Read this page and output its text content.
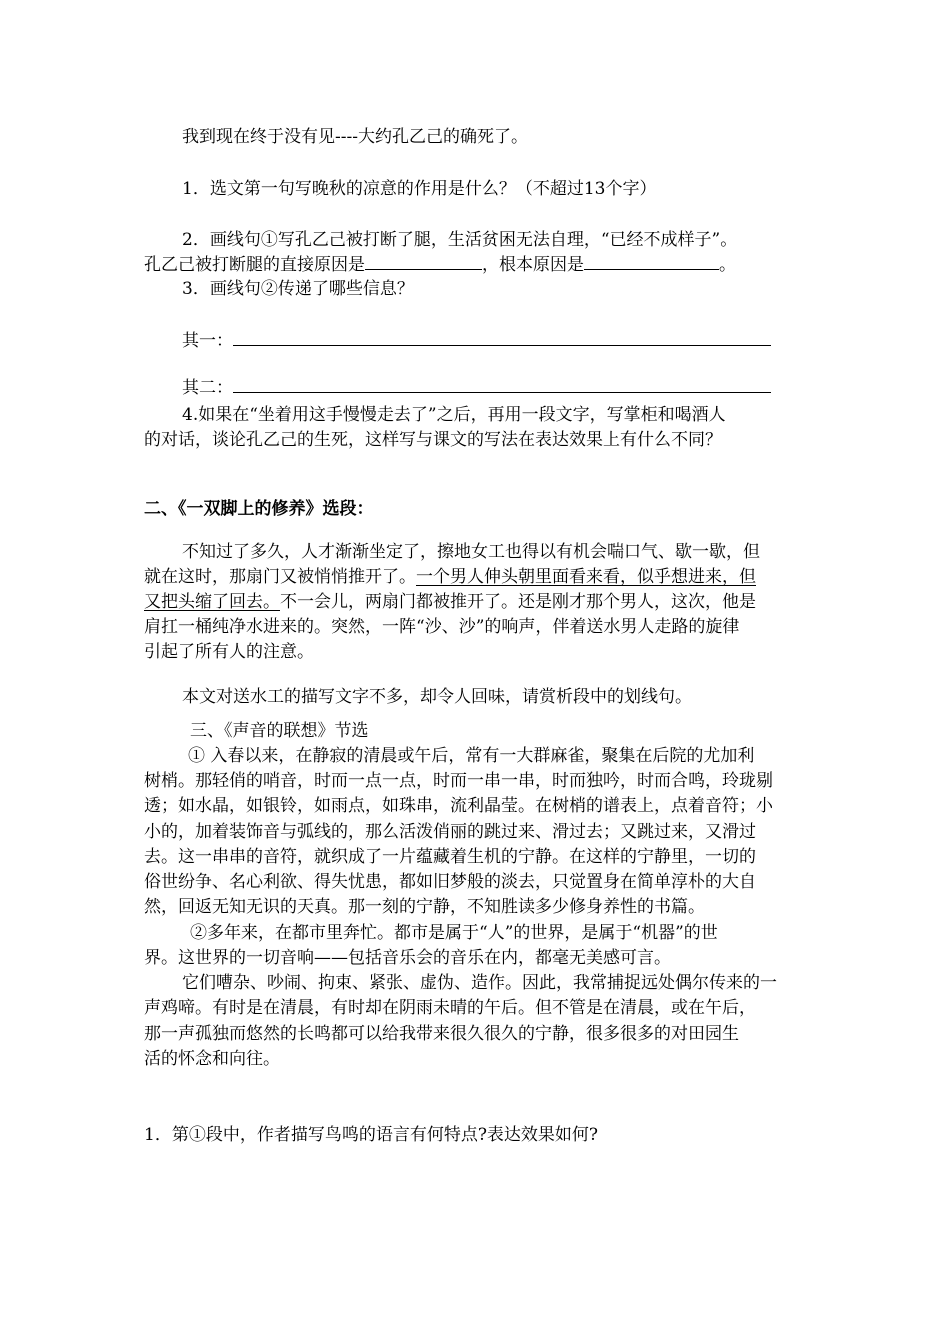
我到现在终于没有见----大约孔乙己的确死了。
1．选文第一句写晚秋的凉意的作用是什么？（不超过13个字）
2．画线句①写孔乙己被打断了腿，生活贫困无法自理，“已经不成样子”。
孔乙己被打断腿的直接原因是	，根本原因是	。
3．画线句②传递了哪些信息？
其一：
其二：
4.如果在“坐着用这手慢慢走去了”之后，再用一段文字，写掌柜和喝酒人
的对话，谈论孔乙己的生死，这样写与课文的写法在表达效果上有什么不同？
二、《一双脚上的修养》选段：
不知过了多久，人才渐渐坐定了，擦地女工也得以有机会喘口气、歇一歇，但
就在这时，那扇门又被悄悄推开了。一个男人伸头朝里面看来看，似乎想进来，但
又把头缩了回去。不一会儿，两扇门都被推开了。还是刚才那个男人，这次，他是
肩扛一桶纯净水进来的。突然，一阵“沙、沙”的响声，伴着送水男人走路的旋律
引起了所有人的注意。
本文对送水工的描写文字不多，却令人回味，请赏析段中的划线句。
三、《声音的联想》节选
① 入春以来，在静寂的清晨或午后，常有一大群麻雀，聚集在后院的尤加利
树梢。那轻俏的哨音，时而一点一点，时而一串一串，时而独吟，时而合鸣，玲珑剔
透；如水晶，如银铃，如雨点，如珠串，流利晶莹。在树梢的谱表上，点着音符；小
小的，加着装饰音与弧线的，那么活泼俏丽的跳过来、滑过去；又跳过来，又滑过
去。这一串串的音符，就织成了一片蕴藏着生机的宁静。在这样的宁静里，一切的
俗世纷争、名心利欲、得失忧患，都如旧梦般的淡去，只觉置身在简单淳朴的大自
然，回返无知无识的天真。那一刻的宁静，不知胜读多少修身养性的书篇。
②多年来，在都市里奔忙。都市是属于“人”的世界，是属于“机器”的世
界。这世界的一切音响——包括音乐会的音乐在内，都毫无美感可言。
它们嘈杂、吵闹、拘束、紧张、虚伪、造作。因此，我常捕捉远处偶尔传来的一
声鸡啼。有时是在清晨，有时却在阴雨未晴的午后。但不管是在清晨，或在午后，
那一声孤独而悠然的长鸣都可以给我带来很久很久的宁静，很多很多的对田园生
活的怀念和向往。
1．第①段中，作者描写鸟鸣的语言有何特点?表达效果如何?
